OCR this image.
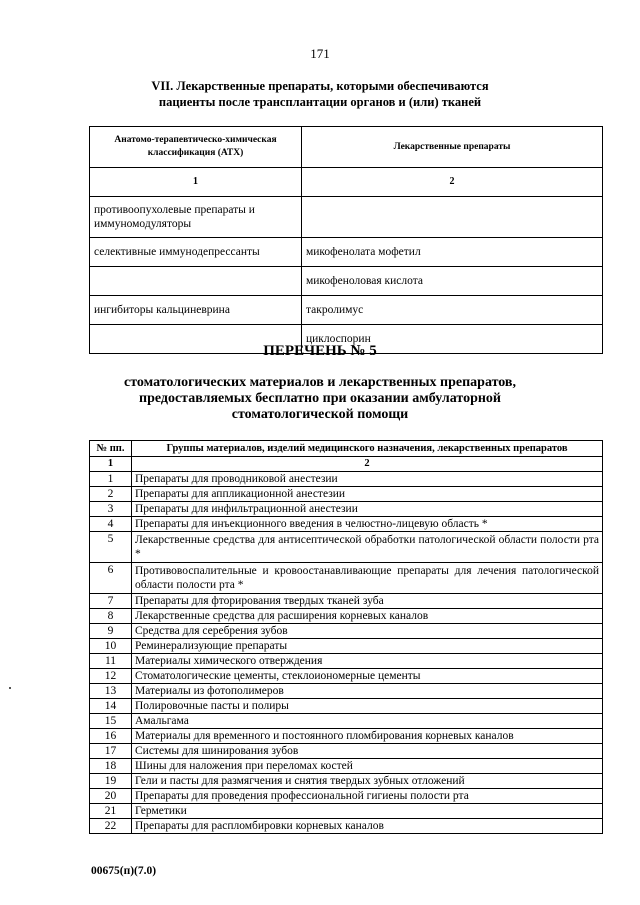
171
VII. Лекарственные препараты, которыми обеспечиваются
пациенты после трансплантации органов и (или) тканей
Анатомо-терапевтическо-химическая классификация (АТХ)	Лекарственные препараты
1	2
противоопухолевые препараты и иммуномодуляторы	
селективные иммунодепрессанты	микофенолата мофетил
	микофеноловая кислота
ингибиторы кальциневрина	такролимус
	циклоспорин
ПЕРЕЧЕНЬ № 5
стоматологических материалов и лекарственных препаратов,
предоставляемых бесплатно при оказании амбулаторной
стоматологической помощи
№ пп.	Группы материалов, изделий медицинского назначения, лекарственных препаратов
1	2
1	Препараты для проводниковой анестезии
2	Препараты для аппликационной анестезии
3	Препараты для инфильтрационной анестезии
4	Препараты для инъекционного введения в челюстно-лицевую область *
5	Лекарственные средства для антисептической обработки патологической области полости рта *
6	Противовоспалительные и кровоостанавливающие препараты для лечения патологической области полости рта *
7	Препараты для фторирования твердых тканей зуба
8	Лекарственные средства для расширения корневых каналов
9	Средства для серебрения зубов
10	Реминерализующие препараты
11	Материалы химического отверждения
12	Стоматологические цементы, стеклоиономерные цементы
13	Материалы из фотополимеров
14	Полировочные пасты и полиры
15	Амальгама
16	Материалы для временного и постоянного пломбирования корневых каналов
17	Системы для шинирования зубов
18	Шины для наложения при переломах костей
19	Гели и пасты для размягчения и снятия твердых зубных отложений
20	Препараты для проведения профессиональной гигиены полости рта
21	Герметики
22	Препараты для распломбировки корневых каналов
00675(п)(7.0)
